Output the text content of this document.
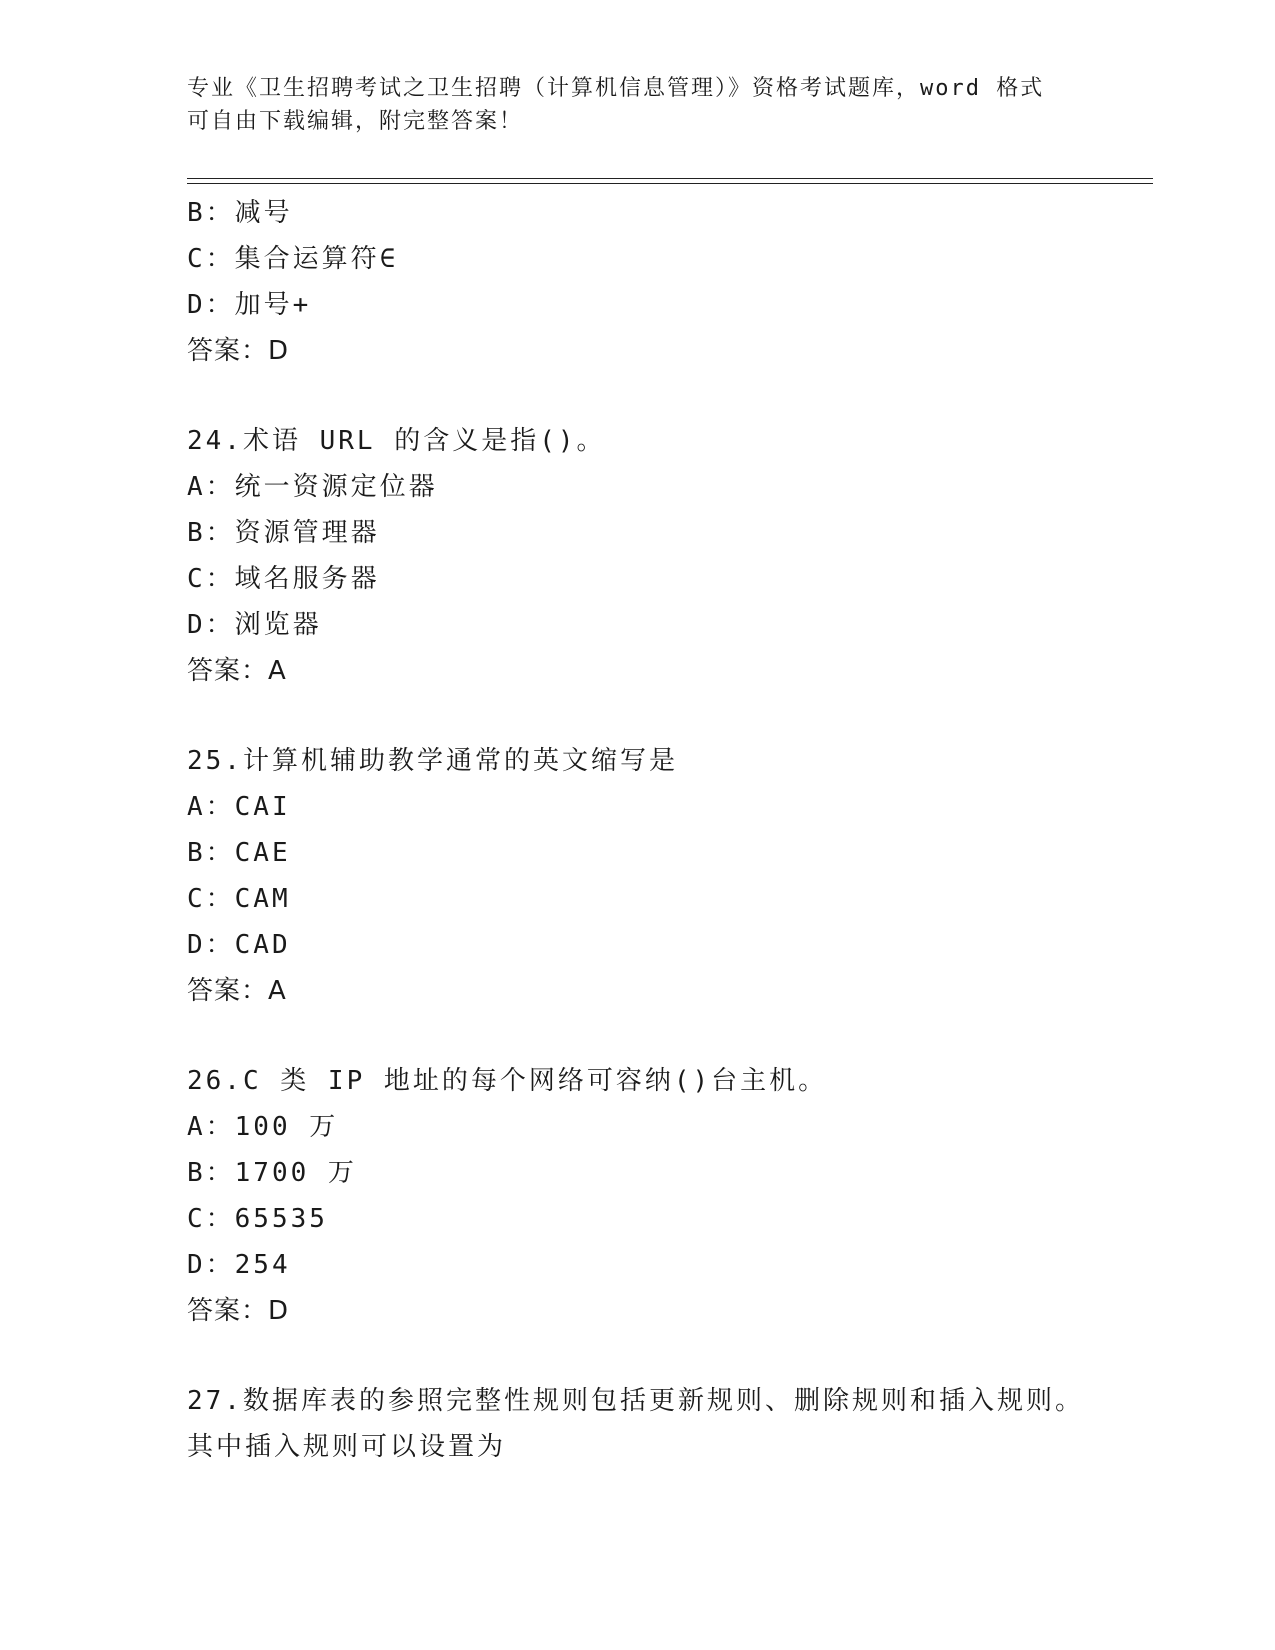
专业《卫生招聘考试之卫生招聘（计算机信息管理）》资格考试题库，word 格式
可自由下载编辑，附完整答案！
B：减号
C：集合运算符∈
D：加号+
答案：D
24.术语 URL 的含义是指()。
A：统一资源定位器
B：资源管理器
C：域名服务器
D：浏览器
答案：A
25.计算机辅助教学通常的英文缩写是
A：CAI
B：CAE
C：CAM
D：CAD
答案：A
26.C 类 IP 地址的每个网络可容纳()台主机。
A：100 万
B：1700 万
C：65535
D：254
答案：D
27.数据库表的参照完整性规则包括更新规则、删除规则和插入规则。
其中插入规则可以设置为
